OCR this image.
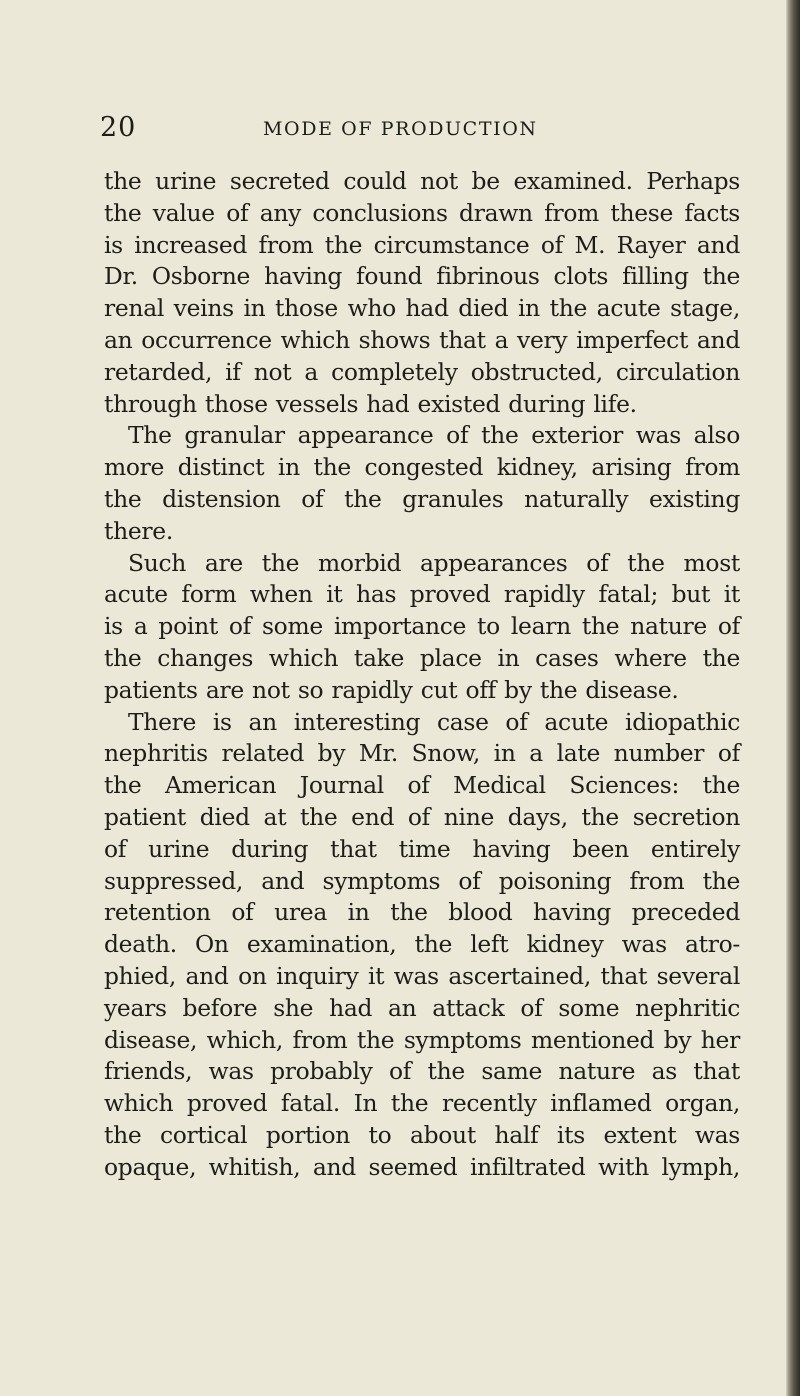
20	MODE OF PRODUCTION
the urine secreted could not be examined. Perhaps
the value of any conclusions drawn from these facts
is increased from the circumstance of M. Rayer and
Dr. Osborne having found fibrinous clots filling the
renal veins in those who had died in the acute stage,
an occurrence which shows that a very imperfect and
retarded, if not a completely obstructed, circulation
through those vessels had existed during life.
The granular appearance of the exterior was also
more distinct in the congested kidney, arising from
the distension of the granules naturally existing
there.
Such are the morbid appearances of the most
acute form when it has proved rapidly fatal; but it
is a point of some importance to learn the nature of
the changes which take place in cases where the
patients are not so rapidly cut off by the disease.
There is an interesting case of acute idiopathic
nephritis related by Mr. Snow, in a late number of
the American Journal of Medical Sciences: the
patient died at the end of nine days, the secretion
of urine during that time having been entirely
suppressed, and symptoms of poisoning from the
retention of urea in the blood having preceded
death. On examination, the left kidney was atro-
phied, and on inquiry it was ascertained, that several
years before she had an attack of some nephritic
disease, which, from the symptoms mentioned by her
friends, was probably of the same nature as that
which proved fatal. In the recently inflamed organ,
the cortical portion to about half its extent was
opaque, whitish, and seemed infiltrated with lymph,
